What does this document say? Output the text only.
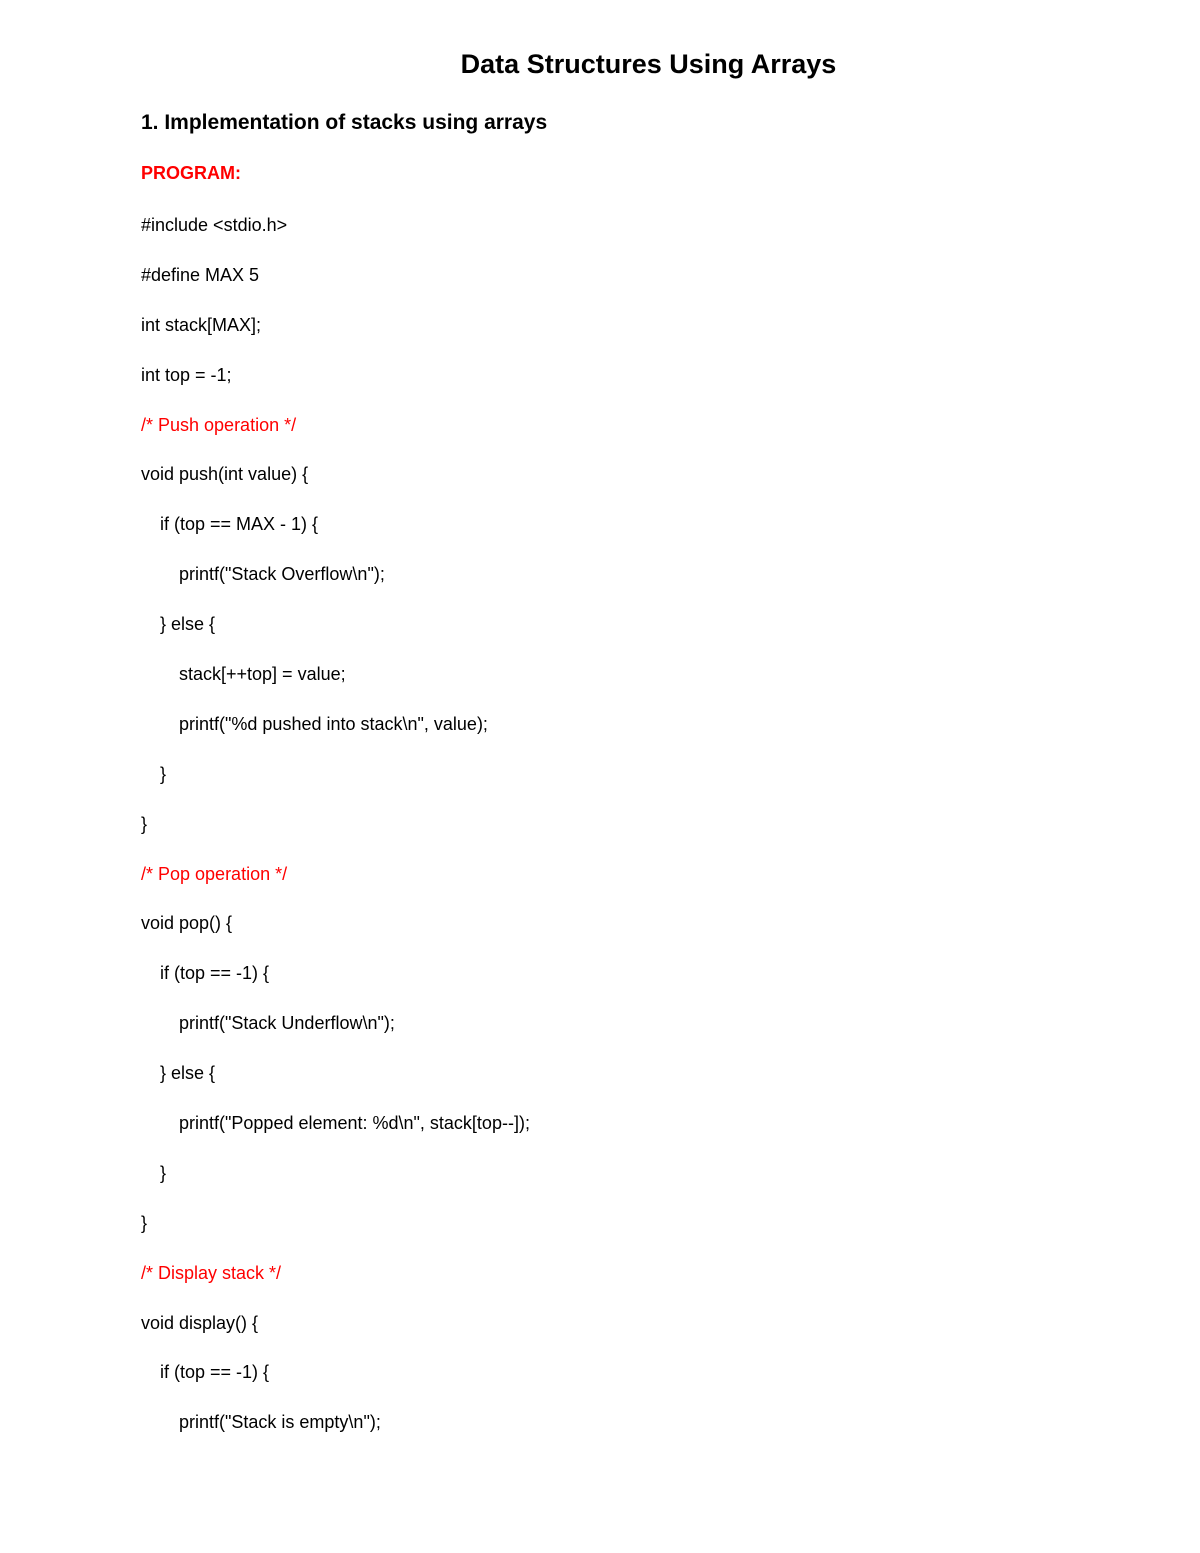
Data Structures Using Arrays
1. Implementation of stacks using arrays
PROGRAM:
#include <stdio.h>
#define MAX 5
int stack[MAX];
int top = -1;
/* Push operation */
void push(int value) {
if (top == MAX - 1) {
printf("Stack Overflow\n");
} else {
stack[++top] = value;
printf("%d pushed into stack\n", value);
}
}
/* Pop operation */
void pop() {
if (top == -1) {
printf("Stack Underflow\n");
} else {
printf("Popped element: %d\n", stack[top--]);
}
}
/* Display stack */
void display() {
if (top == -1) {
printf("Stack is empty\n");
